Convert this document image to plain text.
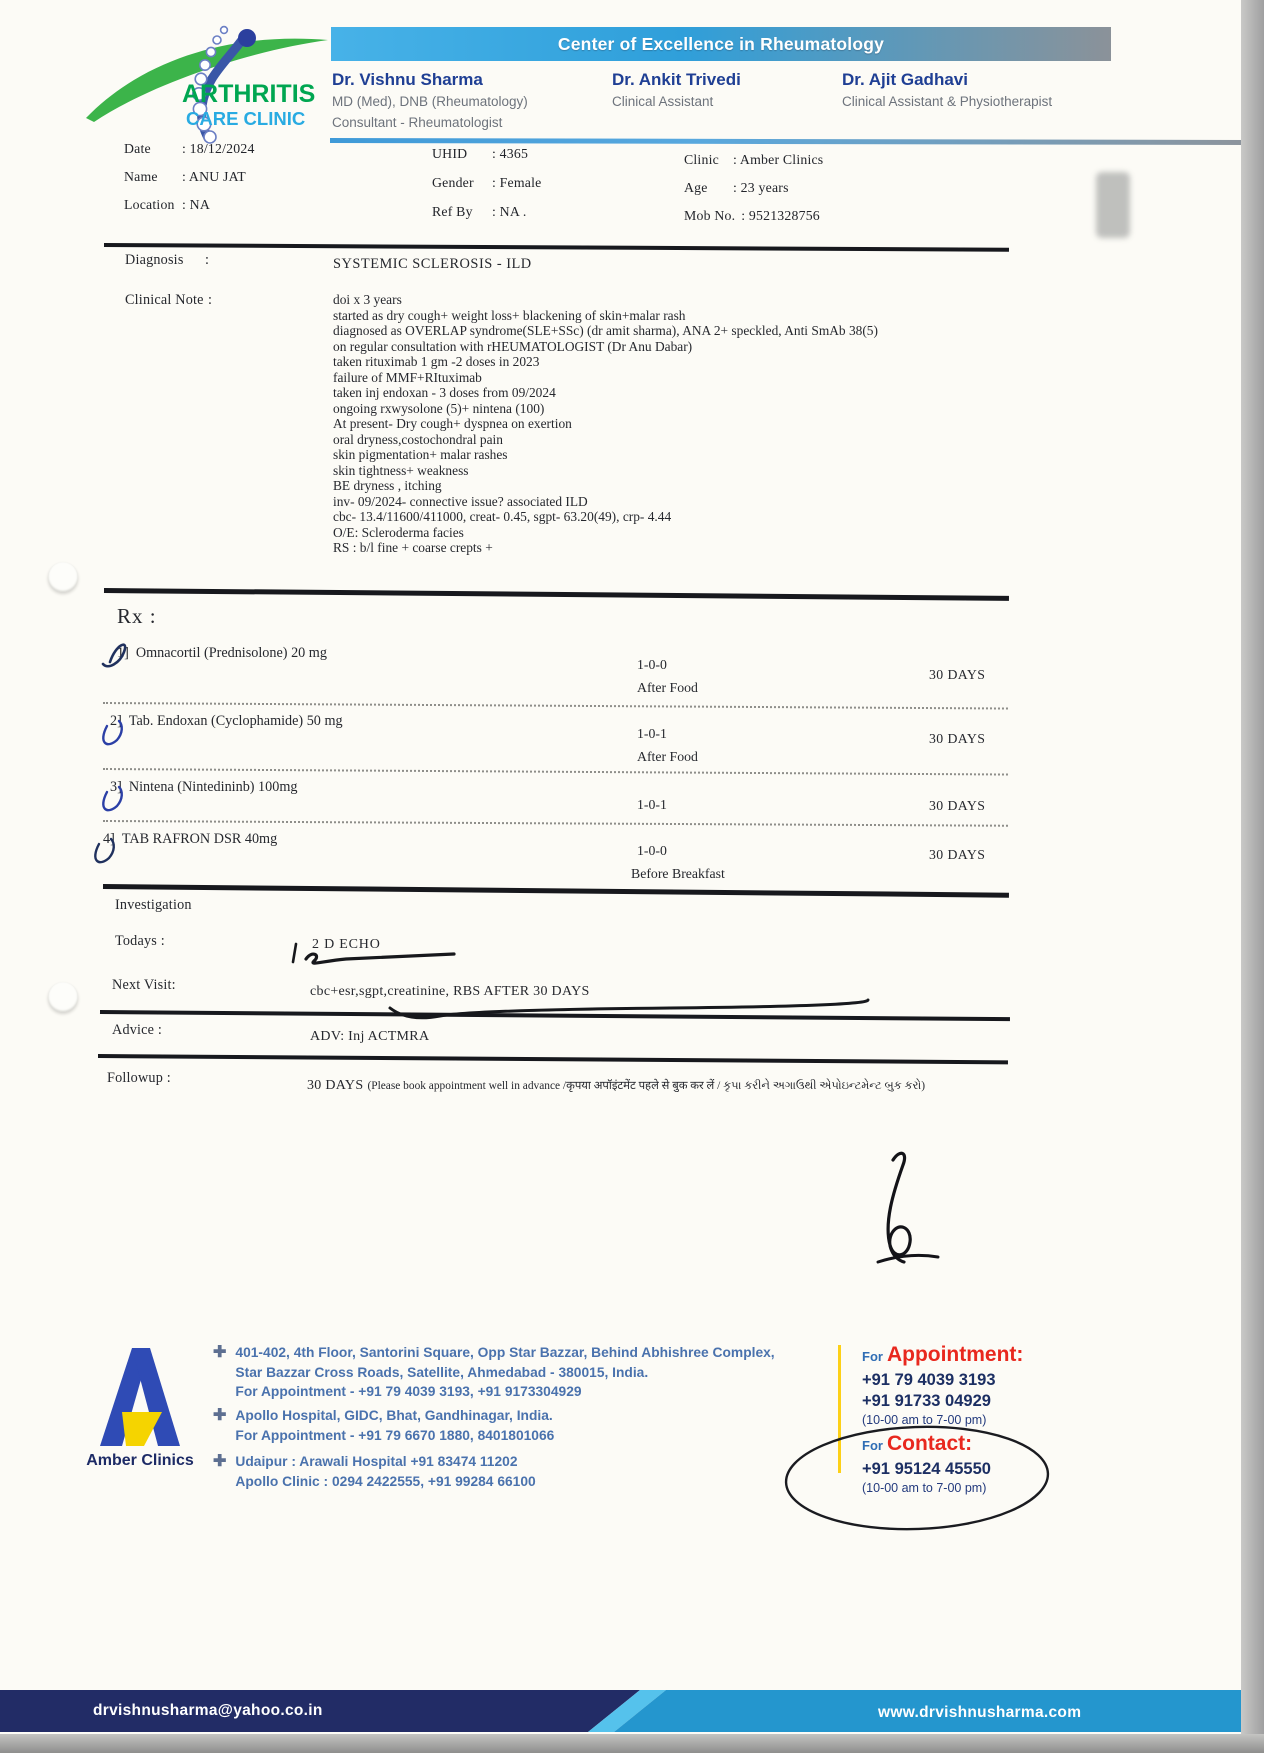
ARTHRITIS
CARE CLINIC
Center of Excellence in Rheumatology
Dr. Vishnu Sharma
MD (Med), DNB (Rheumatology)
Consultant - Rheumatologist
Dr. Ankit Trivedi
Clinical Assistant
Dr. Ajit Gadhavi
Clinical Assistant & Physiotherapist
Date	: 18/12/2024
Name	: ANU JAT
Location : NA
UHID	: 4365
Gender	: Female
Ref By	: NA .
Clinic	: Amber Clinics
Age	: 23 years
Mob No. : 9521328756
Diagnosis :	SYSTEMIC SCLEROSIS - ILD
Clinical Note :	doi x 3 years
started as dry cough+ weight loss+ blackening of skin+malar rash
diagnosed as OVERLAP syndrome(SLE+SSc) (dr amit sharma), ANA 2+ speckled, Anti SmAb 38(5)
on regular consultation with rHEUMATOLOGIST (Dr Anu Dabar)
taken rituximab 1 gm -2 doses in 2023
failure of MMF+RItuximab
taken inj endoxan - 3 doses from 09/2024
ongoing rxwysolone (5)+ nintena (100)
At present- Dry cough+ dyspnea on exertion
oral dryness,costochondral pain
skin pigmentation+ malar rashes
skin tightness+ weakness
BE dryness , itching
inv- 09/2024- connective issue? associated ILD
cbc- 13.4/11600/411000, creat- 0.45, sgpt- 63.20(49), crp- 4.44
O/E: Scleroderma facies
RS : b/l fine + coarse crepts +
Rx :
1] Omnacortil (Prednisolone) 20 mg
1-0-0
After Food
30 DAYS
2] Tab. Endoxan (Cyclophamide) 50 mg
1-0-1
After Food
30 DAYS
3] Nintena (Nintedininb) 100mg
1-0-1	30 DAYS
4] TAB RAFRON DSR 40mg
1-0-0
Before Breakfast
30 DAYS
Investigation
Todays :	2 D ECHO
Next Visit:	cbc+esr,sgpt,creatinine, RBS AFTER 30 DAYS
Advice :	ADV: Inj ACTMRA
Followup :	30 DAYS (Please book appointment well in advance /कृपया अपॉइंटमेंट पहले से बुक कर लें / કૃપા કરીને અગાઉથી એપોઇન્ટમેન્ટ બુક કરો)
Amber Clinics
✚ 401-402, 4th Floor, Santorini Square, Opp Star Bazzar, Behind Abhishree Complex,
Star Bazzar Cross Roads, Satellite, Ahmedabad - 380015, India.
For Appointment - +91 79 4039 3193, +91 9173304929
✚ Apollo Hospital, GIDC, Bhat, Gandhinagar, India.
For Appointment - +91 79 6670 1880, 8401801066
✚ Udaipur : Arawali Hospital +91 83474 11202
Apollo Clinic : 0294 2422555, +91 99284 66100
For Appointment:
+91 79 4039 3193
+91 91733 04929
(10-00 am to 7-00 pm)
For Contact:
+91 95124 45550
(10-00 am to 7-00 pm)
drvishnusharma@yahoo.co.in	www.drvishnusharma.com
